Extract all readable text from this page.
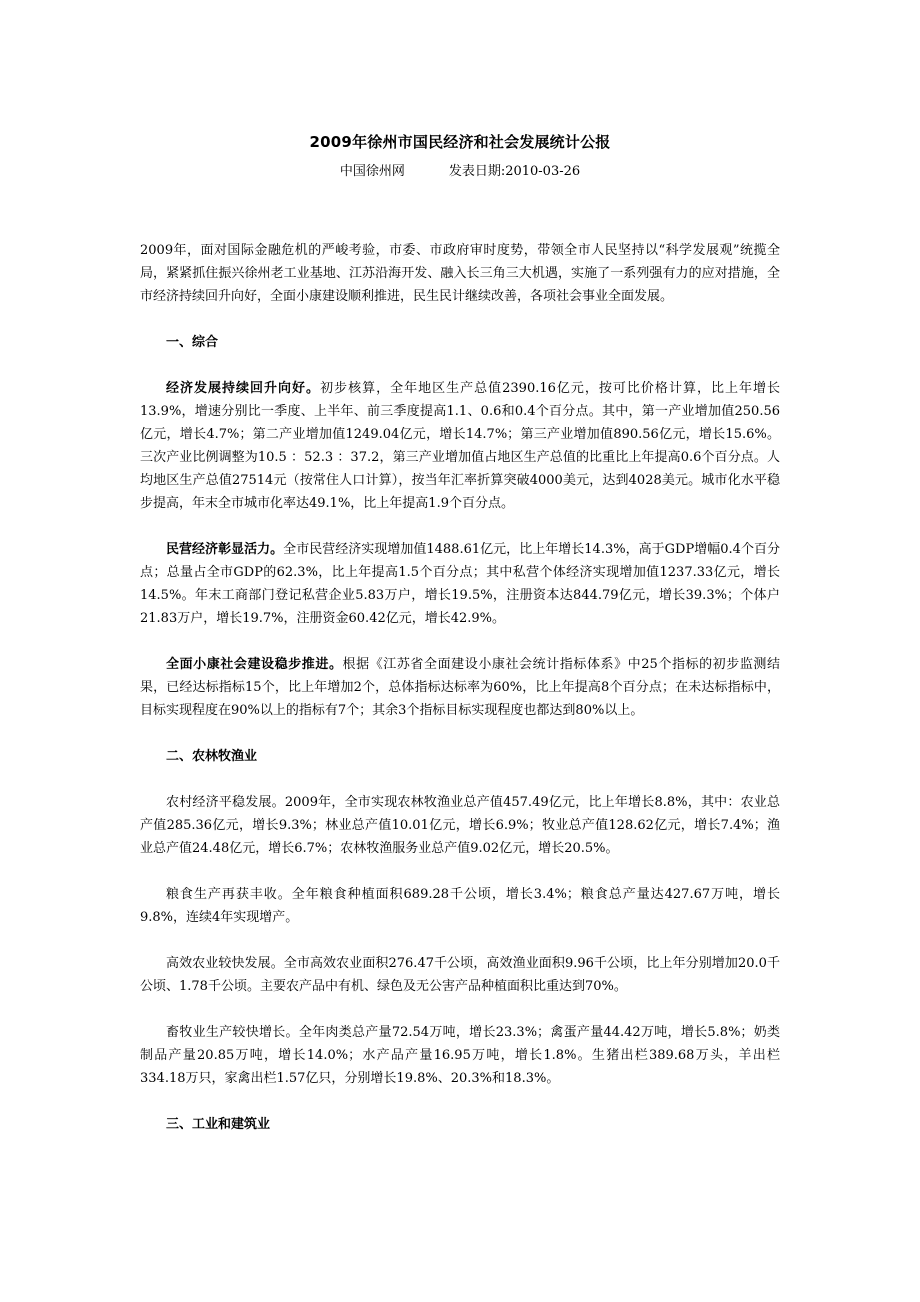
2009年徐州市国民经济和社会发展统计公报
中国徐州网	发表日期:2010-03-26

2009年，面对国际金融危机的严峻考验，市委、市政府审时度势，带领全市人民坚持以“科学发展观”统揽全局，紧紧抓住振兴徐州老工业基地、江苏沿海开发、融入长三角三大机遇，实施了一系列强有力的应对措施，全市经济持续回升向好，全面小康建设顺利推进，民生民计继续改善，各项社会事业全面发展。

一、综合

经济发展持续回升向好。初步核算，全年地区生产总值2390.16亿元，按可比价格计算，比上年增长13.9%，增速分别比一季度、上半年、前三季度提高1.1、0.6和0.4个百分点。其中，第一产业增加值250.56亿元，增长4.7%；第二产业增加值1249.04亿元，增长14.7%；第三产业增加值890.56亿元，增长15.6%。三次产业比例调整为10.5 ：52.3 ：37.2，第三产业增加值占地区生产总值的比重比上年提高0.6个百分点。人均地区生产总值27514元（按常住人口计算），按当年汇率折算突破4000美元，达到4028美元。城市化水平稳步提高，年末全市城市化率达49.1%，比上年提高1.9个百分点。

民营经济彰显活力。全市民营经济实现增加值1488.61亿元，比上年增长14.3%，高于GDP增幅0.4个百分点；总量占全市GDP的62.3%，比上年提高1.5个百分点；其中私营个体经济实现增加值1237.33亿元，增长14.5%。年末工商部门登记私营企业5.83万户，增长19.5%，注册资本达844.79亿元，增长39.3%；个体户21.83万户，增长19.7%，注册资金60.42亿元，增长42.9%。

全面小康社会建设稳步推进。根据《江苏省全面建设小康社会统计指标体系》中25个指标的初步监测结果，已经达标指标15个，比上年增加2个，总体指标达标率为60%，比上年提高8个百分点；在未达标指标中，目标实现程度在90%以上的指标有7个；其余3个指标目标实现程度也都达到80%以上。

二、农林牧渔业

农村经济平稳发展。2009年，全市实现农林牧渔业总产值457.49亿元，比上年增长8.8%，其中：农业总产值285.36亿元，增长9.3%；林业总产值10.01亿元，增长6.9%；牧业总产值128.62亿元，增长7.4%；渔业总产值24.48亿元，增长6.7%；农林牧渔服务业总产值9.02亿元，增长20.5%。

粮食生产再获丰收。全年粮食种植面积689.28千公顷，增长3.4%；粮食总产量达427.67万吨，增长9.8%，连续4年实现增产。

高效农业较快发展。全市高效农业面积276.47千公顷，高效渔业面积9.96千公顷，比上年分别增加20.0千公顷、1.78千公顷。主要农产品中有机、绿色及无公害产品种植面积比重达到70%。

畜牧业生产较快增长。全年肉类总产量72.54万吨，增长23.3%；禽蛋产量44.42万吨，增长5.8%；奶类制品产量20.85万吨，增长14.0%；水产品产量16.95万吨，增长1.8%。生猪出栏389.68万头，羊出栏334.18万只，家禽出栏1.57亿只，分别增长19.8%、20.3%和18.3%。

三、工业和建筑业
